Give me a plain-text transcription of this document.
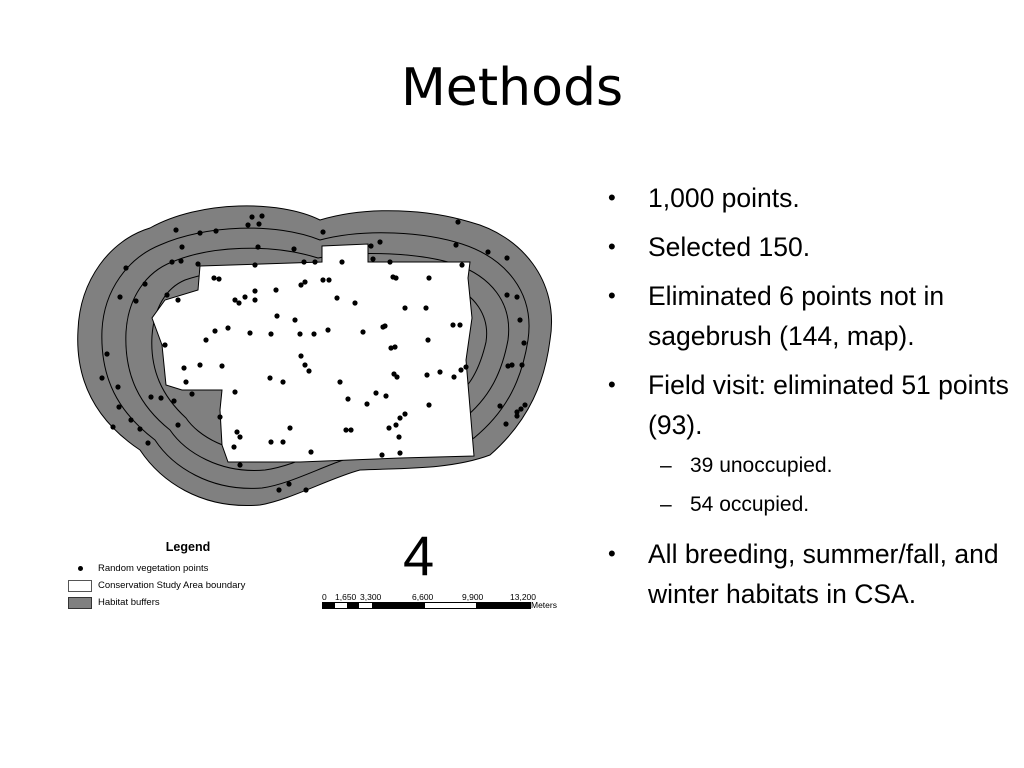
Methods
Legend
Random vegetation points
Conservation Study Area boundary
Habitat buffers
4
0 1,650 3,300	6,600	9,900	13,200
Meters
• 1,000 points.
• Selected 150.
• Eliminated 6 points not in sagebrush (144, map).
• Field visit: eliminated 51 points (93).
– 39 unoccupied.
– 54 occupied.
• All breeding, summer/fall, and winter habitats in CSA.
